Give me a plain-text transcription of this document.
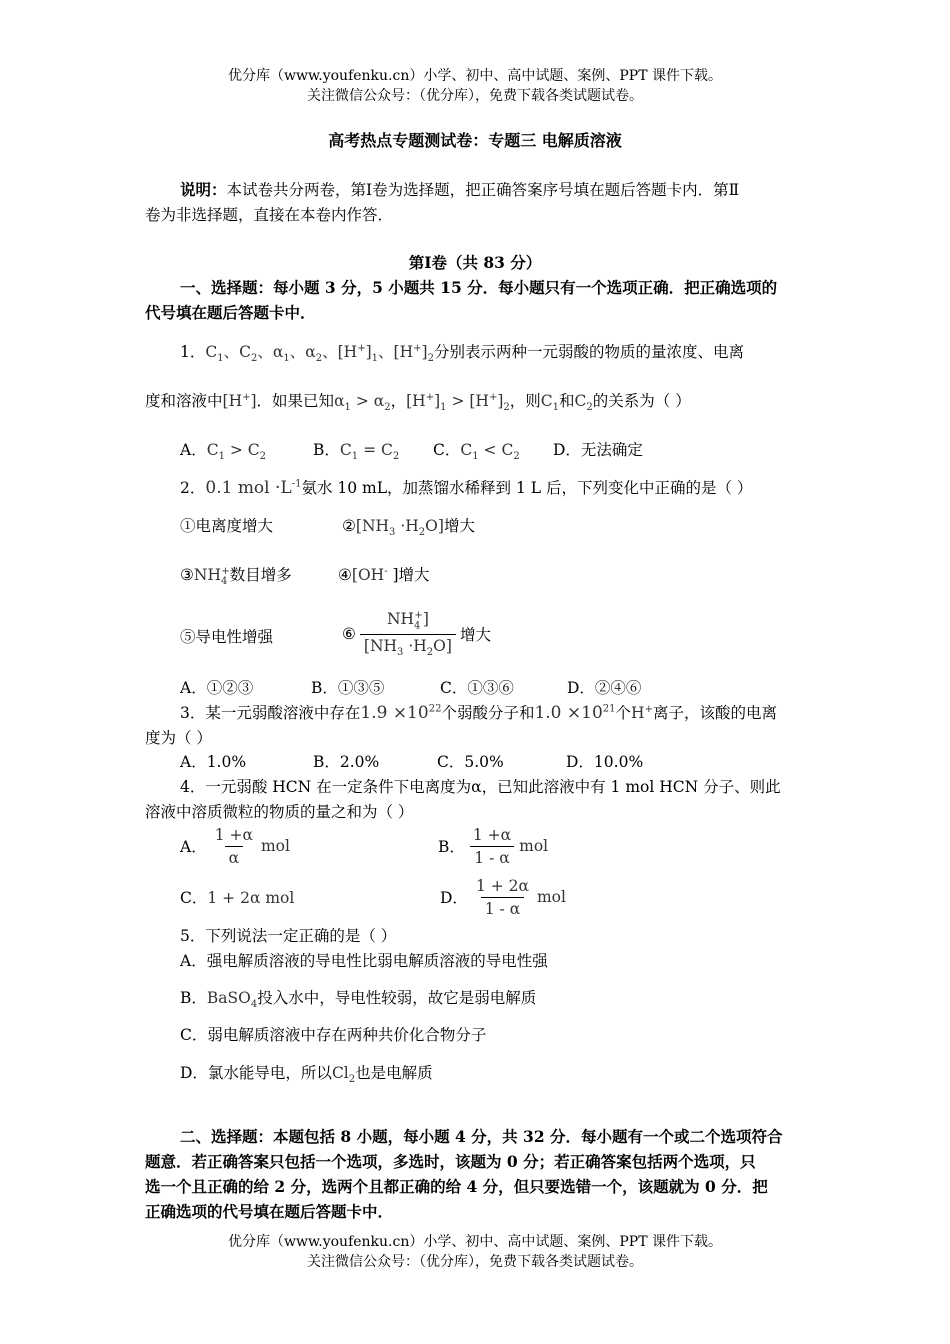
优分库（www.youfenku.cn）小学、初中、高中试题、案例、PPT 课件下载。
关注微信公众号：（优分库），免费下载各类试题试卷。
高考热点专题测试卷：专题三 电解质溶液
说明：本试卷共分两卷，第Ⅰ卷为选择题，把正确答案序号填在题后答题卡内．第Ⅱ
卷为非选择题，直接在本卷内作答．
第Ⅰ卷（共 83 分）
一、选择题：每小题 3 分，5 小题共 15 分．每小题只有一个选项正确．把正确选项的
代号填在题后答题卡中．
1．$C_1$、$C_2$、$\alpha_1$、$\alpha_2$、$[H^+]_1$、$[H^+]_2$分别表示两种一元弱酸的物质的量浓度、电离
度和溶液中[H+]．如果已知$\alpha_1 > \alpha_2$，$[H^+]_1 > [H^+]_2$，则$C_1$和$C_2$的关系为（ ）
A．$C_1 > C_2$	B．$C_1 = C_2$ C．$C_1 < C_2$ D．无法确定
2．0.1 mol $\cdot L^{-1}$氨水 10 mL，加蒸馏水稀释到 1 L 后，下列变化中正确的是（ ）
①电离度增大	$②[NH_3 \cdot H_2O]$增大
$③NH_4^+$数目增多	④[OH- ]增大
⑤导电性增强	⑥ $\frac{NH_4^+]}{[NH_3 \cdot H_2O]}$ 增大
A．①②③	B．①③⑤	C．①③⑥	D．②④⑥
3．某一元弱酸溶液中存在$1.9 \times 10^{22}$个弱酸分子和$1.0 \times 10^{21}$个H+离子，该酸的电离
度为（ ）
A．1.0%	B．2.0%	C．5.0%	D．10.0%
4．一元弱酸 HCN 在一定条件下电离度为α，已知此溶液中有 1 mol HCN 分子、则此
溶液中溶质微粒的物质的量之和为（ ）
A． $\frac{1 +\alpha}{\alpha}$ mol	B． $\frac{1 +\alpha}{1 - \alpha}$ mol
C．1 + 2α mol	D． $\frac{1 + 2\alpha}{1 - \alpha}$ mol
5．下列说法一定正确的是（ ）
A．强电解质溶液的导电性比弱电解质溶液的导电性强
B．BaSO$_4$投入水中，导电性较弱，故它是弱电解质
C．弱电解质溶液中存在两种共价化合物分子
D．氯水能导电，所以$Cl_2$也是电解质
二、选择题：本题包括 8 小题，每小题 4 分，共 32 分．每小题有一个或二个选项符合
题意．若正确答案只包括一个选项，多选时，该题为 0 分；若正确答案包括两个选项，只
选一个且正确的给 2 分，选两个且都正确的给 4 分，但只要选错一个，该题就为 0 分．把
正确选项的代号填在题后答题卡中．
优分库（www.youfenku.cn）小学、初中、高中试题、案例、PPT 课件下载。
关注微信公众号：（优分库），免费下载各类试题试卷。
